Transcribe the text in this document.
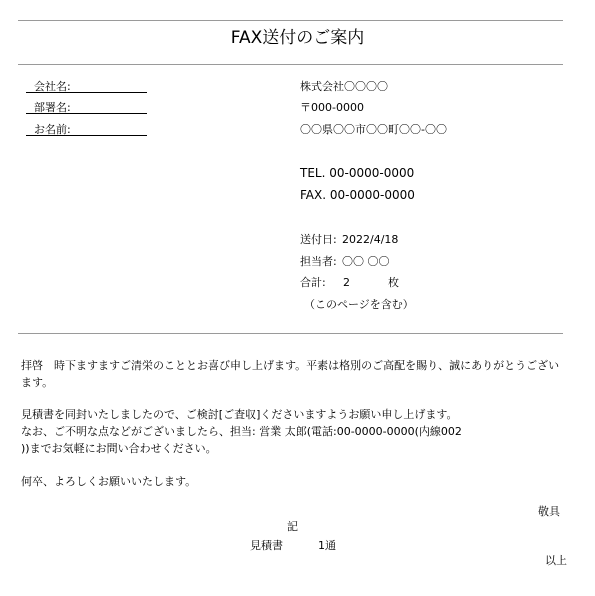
FAX送付のご案内
会社名:
部署名:
お名前:
株式会社〇〇〇〇
〒000-0000
〇〇県〇〇市〇〇町〇〇-〇〇
TEL. 00-0000-0000
FAX. 00-0000-0000
送付日: 2022/4/18
担当者: 〇〇 〇〇
合計: 2	枚
（このページを含む）
拝啓　時下ますますご清栄のこととお喜び申し上げます。平素は格別のご高配を賜り、誠にありがとうござい
ます。
見積書を同封いたしましたので、ご検討[ご査収]くださいますようお願い申し上げます。
なお、ご不明な点などがございましたら、担当: 営業 太郎(電話:00-0000-0000(内線002
))までお気軽にお問い合わせください。
何卒、よろしくお願いいたします。
敬具
記
見積書	1通
以上
